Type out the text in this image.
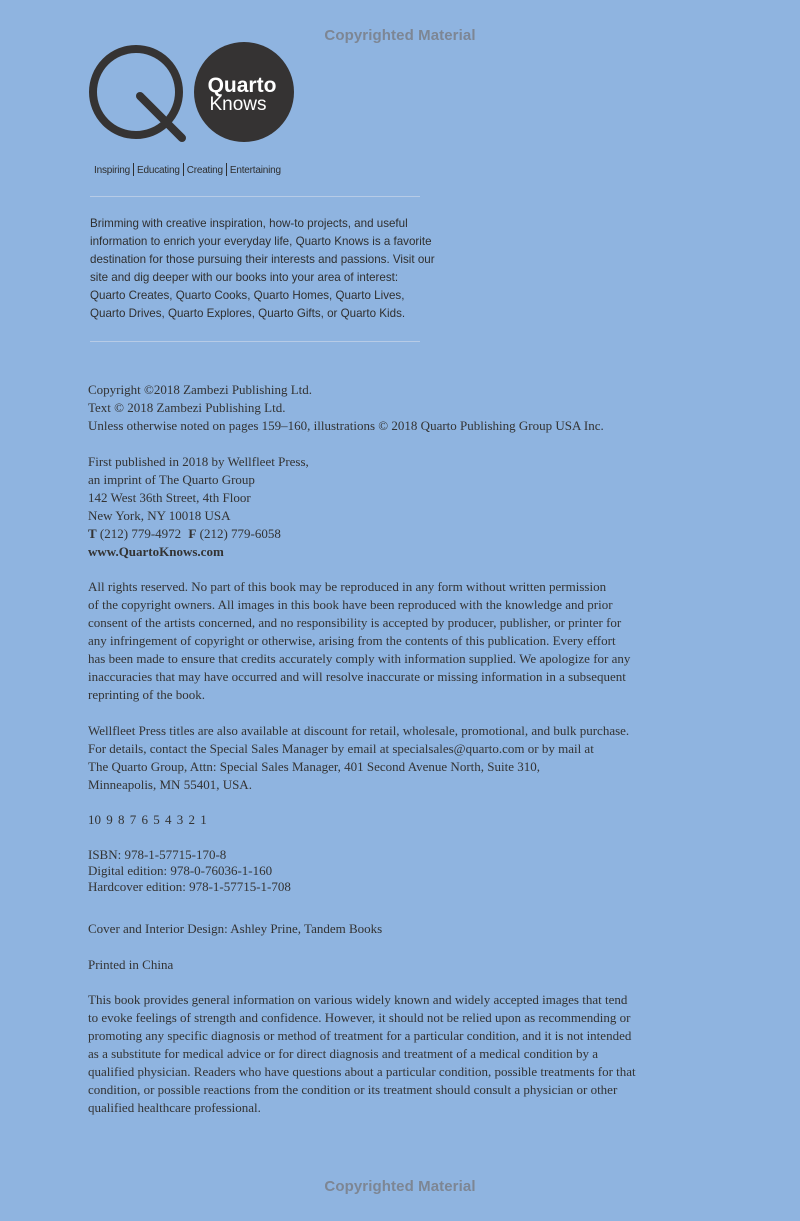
Copyrighted Material
Quarto
Knows
Inspiring Educating Creating Entertaining
Brimming with creative inspiration, how-to projects, and useful
information to enrich your everyday life, Quarto Knows is a favorite
destination for those pursuing their interests and passions. Visit our
site and dig deeper with our books into your area of interest:
Quarto Creates, Quarto Cooks, Quarto Homes, Quarto Lives,
Quarto Drives, Quarto Explores, Quarto Gifts, or Quarto Kids.
Copyright ©2018 Zambezi Publishing Ltd.
Text © 2018 Zambezi Publishing Ltd.
Unless otherwise noted on pages 159–160, illustrations © 2018 Quarto Publishing Group USA Inc.
First published in 2018 by Wellfleet Press,
an imprint of The Quarto Group
142 West 36th Street, 4th Floor
New York, NY 10018 USA
T (212) 779-4972 F (212) 779-6058
www.QuartoKnows.com
All rights reserved. No part of this book may be reproduced in any form without written permission
of the copyright owners. All images in this book have been reproduced with the knowledge and prior
consent of the artists concerned, and no responsibility is accepted by producer, publisher, or printer for
any infringement of copyright or otherwise, arising from the contents of this publication. Every effort
has been made to ensure that credits accurately comply with information supplied. We apologize for any
inaccuracies that may have occurred and will resolve inaccurate or missing information in a subsequent
reprinting of the book.
Wellfleet Press titles are also available at discount for retail, wholesale, promotional, and bulk purchase.
For details, contact the Special Sales Manager by email at specialsales@quarto.com or by mail at
The Quarto Group, Attn: Special Sales Manager, 401 Second Avenue North, Suite 310,
Minneapolis, MN 55401, USA.
10 9 8 7 6 5 4 3 2 1
ISBN: 978-1-57715-170-8
Digital edition: 978-0-76036-1-160
Hardcover edition: 978-1-57715-1-708
Cover and Interior Design: Ashley Prine, Tandem Books
Printed in China
This book provides general information on various widely known and widely accepted images that tend
to evoke feelings of strength and confidence. However, it should not be relied upon as recommending or
promoting any specific diagnosis or method of treatment for a particular condition, and it is not intended
as a substitute for medical advice or for direct diagnosis and treatment of a medical condition by a
qualified physician. Readers who have questions about a particular condition, possible treatments for that
condition, or possible reactions from the condition or its treatment should consult a physician or other
qualified healthcare professional.
Copyrighted Material
